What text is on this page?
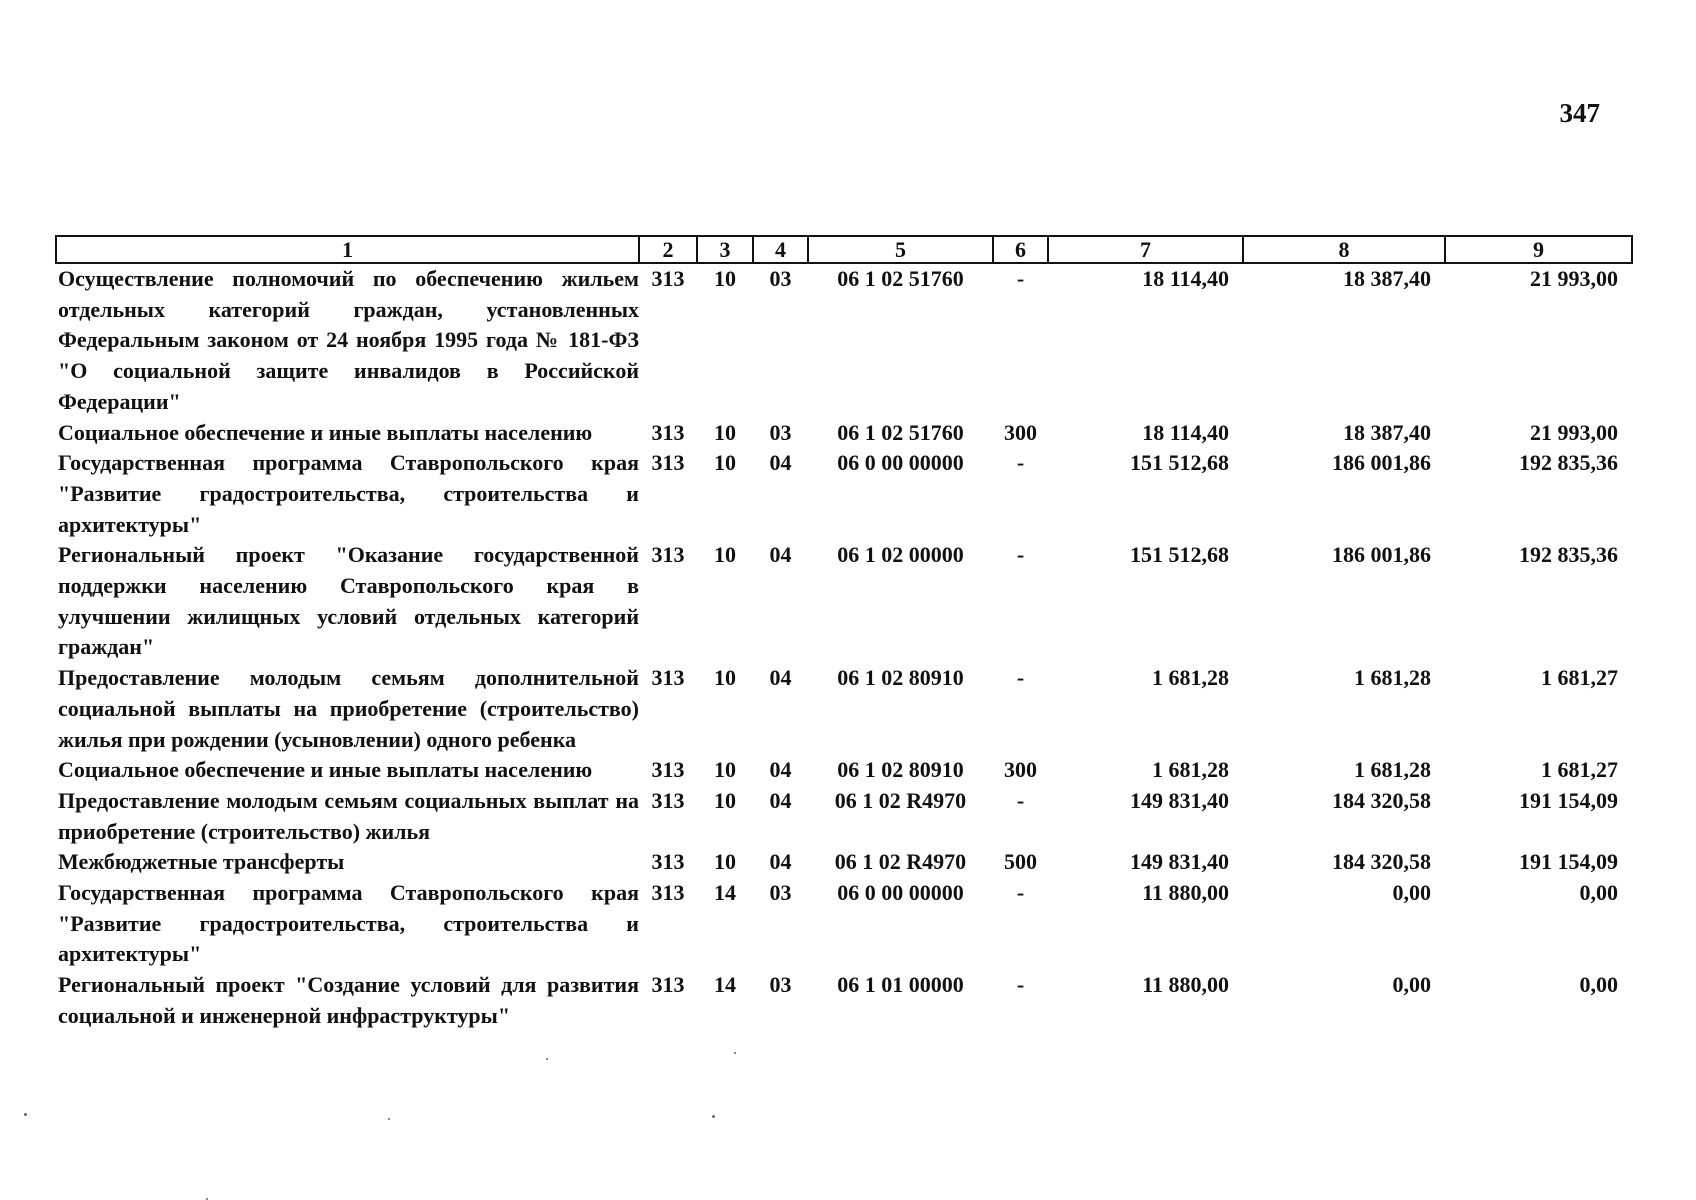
347
1	2	3	4	5	6	7	8	9
Осуществление полномочий по обеспечению жильем отдельных категорий граждан, установленных Федеральным законом от 24 ноября 1995 года № 181-ФЗ "О социальной защите инвалидов в Российской Федерации"	313	10	03	06 1 02 51760	-	18 114,40	18 387,40	21 993,00
Социальное обеспечение и иные выплаты населению	313	10	03	06 1 02 51760	300	18 114,40	18 387,40	21 993,00
Государственная программа Ставропольского края "Развитие градостроительства, строительства и архитектуры"	313	10	04	06 0 00 00000	-	151 512,68	186 001,86	192 835,36
Региональный проект "Оказание государственной поддержки населению Ставропольского края в улучшении жилищных условий отдельных категорий граждан"	313	10	04	06 1 02 00000	-	151 512,68	186 001,86	192 835,36
Предоставление молодым семьям дополнительной социальной выплаты на приобретение (строительство) жилья при рождении (усыновлении) одного ребенка	313	10	04	06 1 02 80910	-	1 681,28	1 681,28	1 681,27
Социальное обеспечение и иные выплаты населению	313	10	04	06 1 02 80910	300	1 681,28	1 681,28	1 681,27
Предоставление молодым семьям социальных выплат на приобретение (строительство) жилья	313	10	04	06 1 02 R4970	-	149 831,40	184 320,58	191 154,09
Межбюджетные трансферты	313	10	04	06 1 02 R4970	500	149 831,40	184 320,58	191 154,09
Государственная программа Ставропольского края "Развитие градостроительства, строительства и архитектуры"	313	14	03	06 0 00 00000	-	11 880,00	0,00	0,00
Региональный проект "Создание условий для развития социальной и инженерной инфраструктуры"	313	14	03	06 1 01 00000	-	11 880,00	0,00	0,00
